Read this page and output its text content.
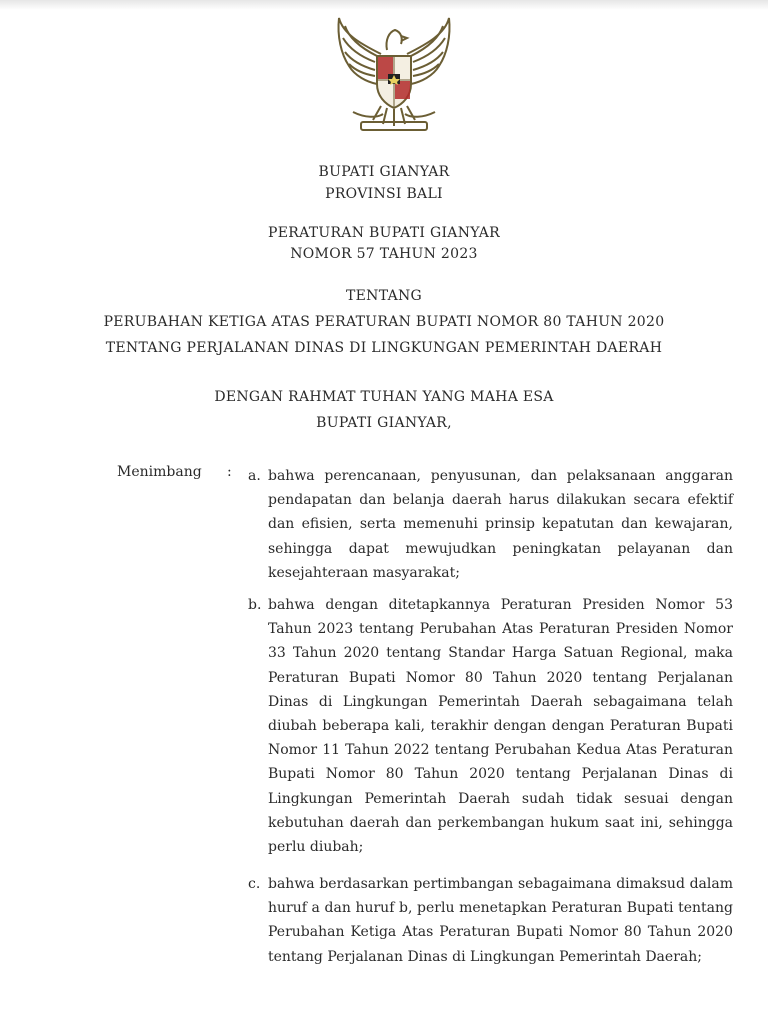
BUPATI GIANYAR
PROVINSI BALI
PERATURAN BUPATI GIANYAR
NOMOR 57 TAHUN 2023
TENTANG
PERUBAHAN KETIGA ATAS PERATURAN BUPATI NOMOR 80 TAHUN 2020
TENTANG PERJALANAN DINAS DI LINGKUNGAN PEMERINTAH DAERAH
DENGAN RAHMAT TUHAN YANG MAHA ESA
BUPATI GIANYAR,
Menimbang : a. bahwa perencanaan, penyusunan, dan pelaksanaan anggaran pendapatan dan belanja daerah harus dilakukan secara efektif dan efisien, serta memenuhi prinsip kepatutan dan kewajaran, sehingga dapat mewujudkan peningkatan pelayanan dan kesejahteraan masyarakat;
b. bahwa dengan ditetapkannya Peraturan Presiden Nomor 53 Tahun 2023 tentang Perubahan Atas Peraturan Presiden Nomor 33 Tahun 2020 tentang Standar Harga Satuan Regional, maka Peraturan Bupati Nomor 80 Tahun 2020 tentang Perjalanan Dinas di Lingkungan Pemerintah Daerah sebagaimana telah diubah beberapa kali, terakhir dengan dengan Peraturan Bupati Nomor 11 Tahun 2022 tentang Perubahan Kedua Atas Peraturan Bupati Nomor 80 Tahun 2020 tentang Perjalanan Dinas di Lingkungan Pemerintah Daerah sudah tidak sesuai dengan kebutuhan daerah dan perkembangan hukum saat ini, sehingga perlu diubah;
c. bahwa berdasarkan pertimbangan sebagaimana dimaksud dalam huruf a dan huruf b, perlu menetapkan Peraturan Bupati tentang Perubahan Ketiga Atas Peraturan Bupati Nomor 80 Tahun 2020 tentang Perjalanan Dinas di Lingkungan Pemerintah Daerah;
